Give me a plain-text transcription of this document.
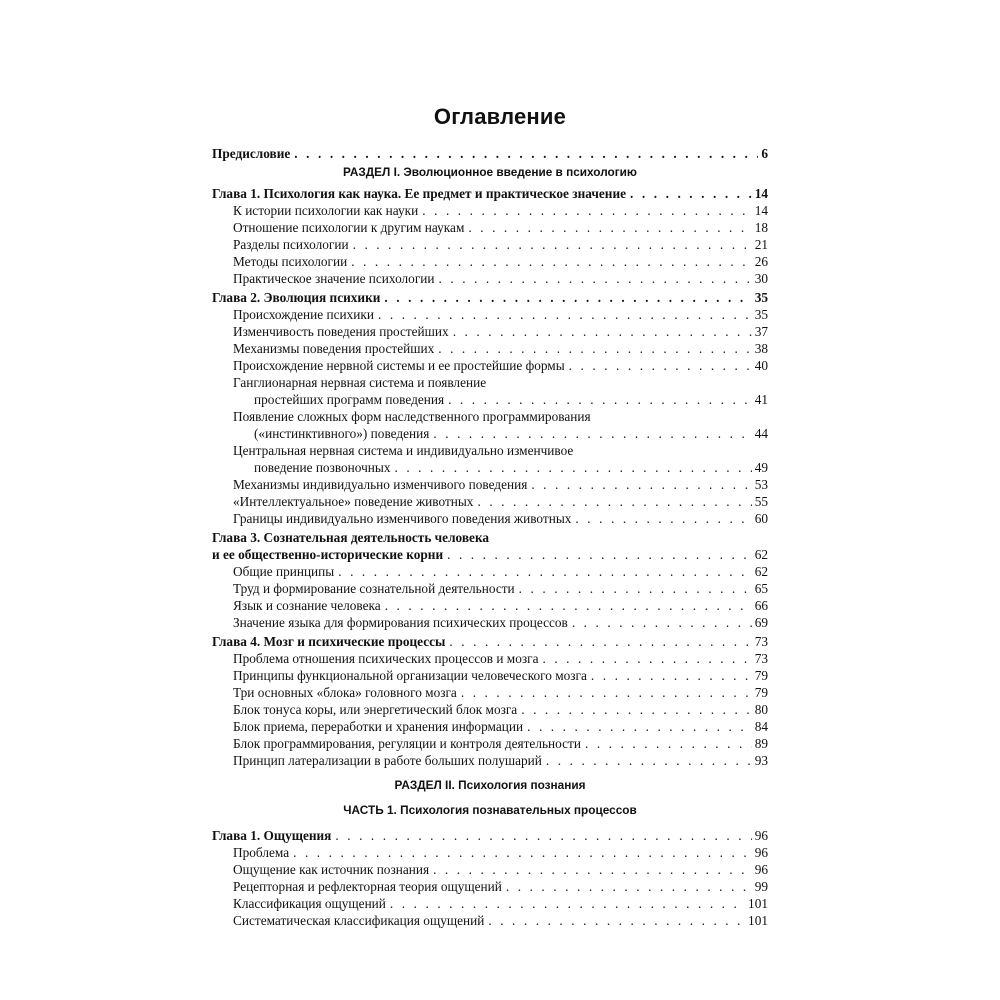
Оглавление
Предисловие . . .	6
РАЗДЕЛ I. Эволюционное введение в психологию
Глава 1. Психология как наука. Ее предмет и практическое значение . . .	14
К истории психологии как науки . . .	14
Отношение психологии к другим наукам . . .	18
Разделы психологии . . .	21
Методы психологии . . .	26
Практическое значение психологии . . .	30
Глава 2. Эволюция психики . . .	35
Происхождение психики . . .	35
Изменчивость поведения простейших . . .	37
Механизмы поведения простейших . . .	38
Происхождение нервной системы и ее простейшие формы . . .	40
Ганглионарная нервная система и появление
простейших программ поведения . . .	41
Появление сложных форм наследственного программирования
(«инстинктивного») поведения . . .	44
Центральная нервная система и индивидуально изменчивое
поведение позвоночных . . .	49
Механизмы индивидуально изменчивого поведения . . .	53
«Интеллектуальное» поведение животных . . .	55
Границы индивидуально изменчивого поведения животных . . .	60
Глава 3. Сознательная деятельность человека
и ее общественно-исторические корни . . .	62
Общие принципы . . .	62
Труд и формирование сознательной деятельности . . .	65
Язык и сознание человека . . .	66
Значение языка для формирования психических процессов . . .	69
Глава 4. Мозг и психические процессы . . .	73
Проблема отношения психических процессов и мозга . . .	73
Принципы функциональной организации человеческого мозга . . .	79
Три основных «блока» головного мозга . . .	79
Блок тонуса коры, или энергетический блок мозга . . .	80
Блок приема, переработки и хранения информации . . .	84
Блок программирования, регуляции и контроля деятельности . . .	89
Принцип латерализации в работе больших полушарий . . .	93
РАЗДЕЛ II. Психология познания
ЧАСТЬ 1. Психология познавательных процессов
Глава 1. Ощущения . . .	96
Проблема . . .	96
Ощущение как источник познания . . .	96
Рецепторная и рефлекторная теория ощущений . . .	99
Классификация ощущений . . .	101
Систематическая классификация ощущений . . .	101
